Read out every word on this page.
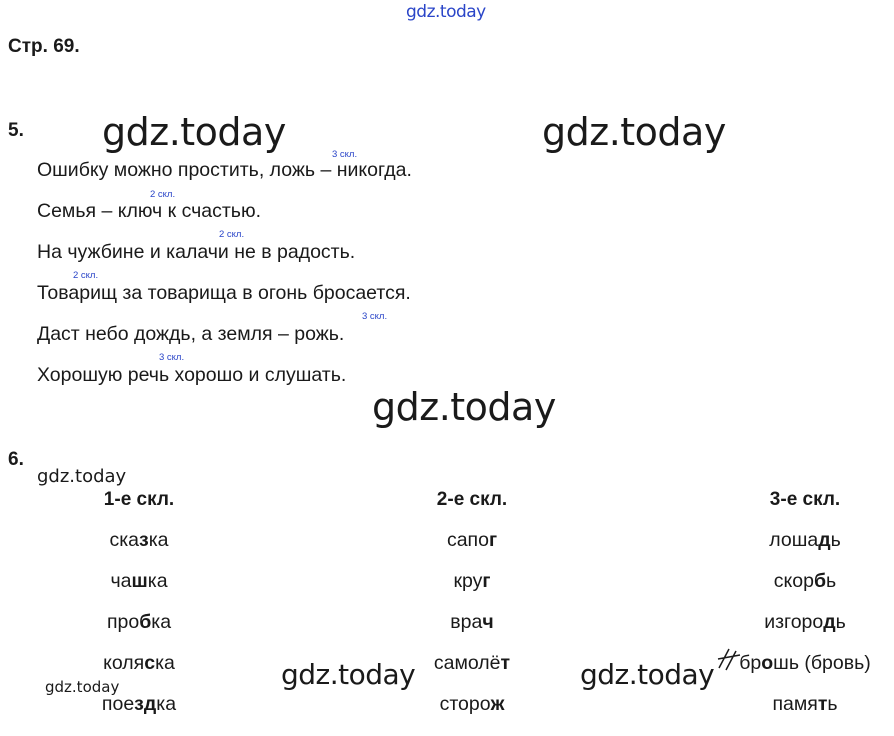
gdz.today
gdz.today	gdz.today
gdz.today
gdz.today
gdz.today	gdz.today
gdz.today
Стр. 69.
5.
3 скл.
Ошибку можно простить, ложь – никогда.
2 скл.
Семья – ключ к счастью.
2 скл.
На чужбине и калачи не в радость.
2 скл.
Товарищ за товарища в огонь бросается.
3 скл.
Даст небо дождь, а земля – рожь.
3 скл.
Хорошую речь хорошо и слушать.
6.
1-е скл.
сказка
чашка
пробка
коляска
поездка
2-е скл.
сапог
круг
врач
самолёт
сторож
3-е скл.
лошадь
скорбь
изгородь
брошь (бровь)
память
